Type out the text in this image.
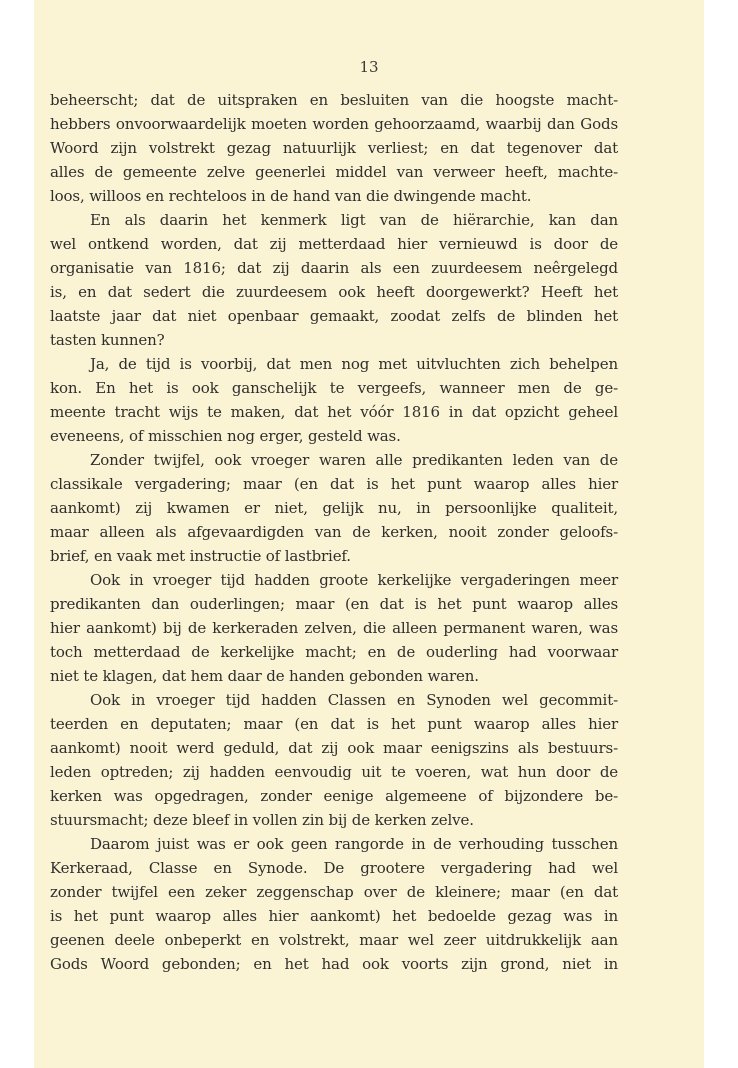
13

beheerscht; dat de uitspraken en besluiten van die hoogste macht-
hebbers onvoorwaardelijk moeten worden gehoorzaamd, waarbij dan Gods
Woord zijn volstrekt gezag natuurlijk verliest; en dat tegenover dat
alles de gemeente zelve geenerlei middel van verweer heeft, machte-
loos, willoos en rechteloos in de hand van die dwingende macht.

En als daarin het kenmerk ligt van de hiërarchie, kan dan
wel ontkend worden, dat zij metterdaad hier vernieuwd is door de
organisatie van 1816; dat zij daarin als een zuurdeesem neêrgelegd
is, en dat sedert die zuurdeesem ook heeft doorgewerkt? Heeft het
laatste jaar dat niet openbaar gemaakt, zoodat zelfs de blinden het
tasten kunnen?

Ja, de tijd is voorbij, dat men nog met uitvluchten zich behelpen
kon. En het is ook ganschelijk te vergeefs, wanneer men de ge-
meente tracht wijs te maken, dat het vóór 1816 in dat opzicht geheel
eveneens, of misschien nog erger, gesteld was.

Zonder twijfel, ook vroeger waren alle predikanten leden van de
classikale vergadering; maar (en dat is het punt waarop alles hier
aankomt) zij kwamen er niet, gelijk nu, in persoonlijke qualiteit,
maar alleen als afgevaardigden van de kerken, nooit zonder geloofs-
brief, en vaak met instructie of lastbrief.

Ook in vroeger tijd hadden groote kerkelijke vergaderingen meer
predikanten dan ouderlingen; maar (en dat is het punt waarop alles
hier aankomt) bij de kerkeraden zelven, die alleen permanent waren, was
toch metterdaad de kerkelijke macht; en de ouderling had voorwaar
niet te klagen, dat hem daar de handen gebonden waren.

Ook in vroeger tijd hadden Classen en Synoden wel gecommit-
teerden en deputaten; maar (en dat is het punt waarop alles hier
aankomt) nooit werd geduld, dat zij ook maar eenigszins als bestuurs-
leden optreden; zij hadden eenvoudig uit te voeren, wat hun door de
kerken was opgedragen, zonder eenige algemeene of bijzondere be-
stuursmacht; deze bleef in vollen zin bij de kerken zelve.

Daarom juist was er ook geen rangorde in de verhouding tusschen
Kerkeraad, Classe en Synode. De grootere vergadering had wel
zonder twijfel een zeker zeggenschap over de kleinere; maar (en dat
is het punt waarop alles hier aankomt) het bedoelde gezag was in
geenen deele onbeperkt en volstrekt, maar wel zeer uitdrukkelijk aan
Gods Woord gebonden; en het had ook voorts zijn grond, niet in
